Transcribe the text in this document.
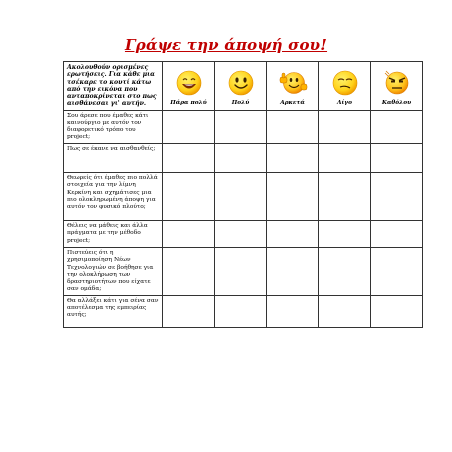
Γράψε την άποψή σου!
Ακολουθούν ορισμένες ερωτήσεις. Για κάθε μια τσέκαρε το κουτί κάτω από την εικόνα που ανταποκρίνεται στο πως αισθάνεσαι γι' αυτήν.	Πάρα πολύ	Πολύ	Αρκετά	Λίγο	Καθόλου

Σου άρεσε που έμαθες κάτι καινούργιο με αυτόν τον διαφορετικό τρόπο του project;					
Πως σε έκανε να αισθανθείς;					
Θεωρείς ότι έμαθες πιο πολλά στοιχεία για την λίμνη Κερκίνη και σχημάτισες μια πιο ολοκληρωμένη άποψη για αυτόν τον φυσικό πλούτο;					
Θέλεις να μάθεις και άλλα πράγματα με την μέθοδο project;					
Πιστεύεις ότι η χρησιμοποίηση Νέων Τεχνολογιών σε βοήθησε για την ολοκλήρωση των δραστηριοτήτων που είχατε σαν ομάδα;					
Θα αλλάξει κάτι για σένα σαν αποτέλεσμα της εμπειρίας αυτής;					
